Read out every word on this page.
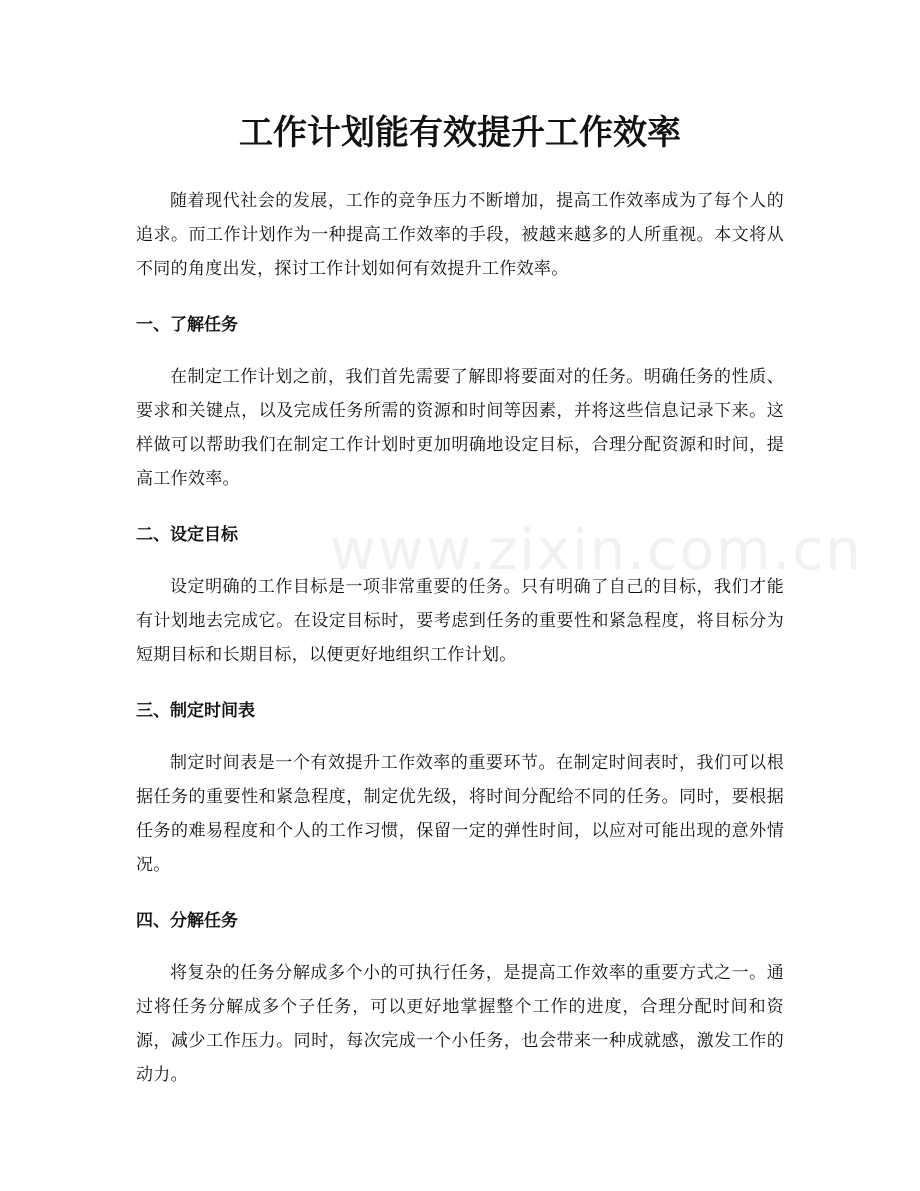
www.zixin.com.cn
工作计划能有效提升工作效率

随着现代社会的发展，工作的竞争压力不断增加，提高工作效率成为了每个人的追求。而工作计划作为一种提高工作效率的手段，被越来越多的人所重视。本文将从不同的角度出发，探讨工作计划如何有效提升工作效率。

一、了解任务

在制定工作计划之前，我们首先需要了解即将要面对的任务。明确任务的性质、要求和关键点，以及完成任务所需的资源和时间等因素，并将这些信息记录下来。这样做可以帮助我们在制定工作计划时更加明确地设定目标，合理分配资源和时间，提高工作效率。

二、设定目标

设定明确的工作目标是一项非常重要的任务。只有明确了自己的目标，我们才能有计划地去完成它。在设定目标时，要考虑到任务的重要性和紧急程度，将目标分为短期目标和长期目标，以便更好地组织工作计划。

三、制定时间表

制定时间表是一个有效提升工作效率的重要环节。在制定时间表时，我们可以根据任务的重要性和紧急程度，制定优先级，将时间分配给不同的任务。同时，要根据任务的难易程度和个人的工作习惯，保留一定的弹性时间，以应对可能出现的意外情况。

四、分解任务

将复杂的任务分解成多个小的可执行任务，是提高工作效率的重要方式之一。通过将任务分解成多个子任务，可以更好地掌握整个工作的进度，合理分配时间和资源，减少工作压力。同时，每次完成一个小任务，也会带来一种成就感，激发工作的动力。
